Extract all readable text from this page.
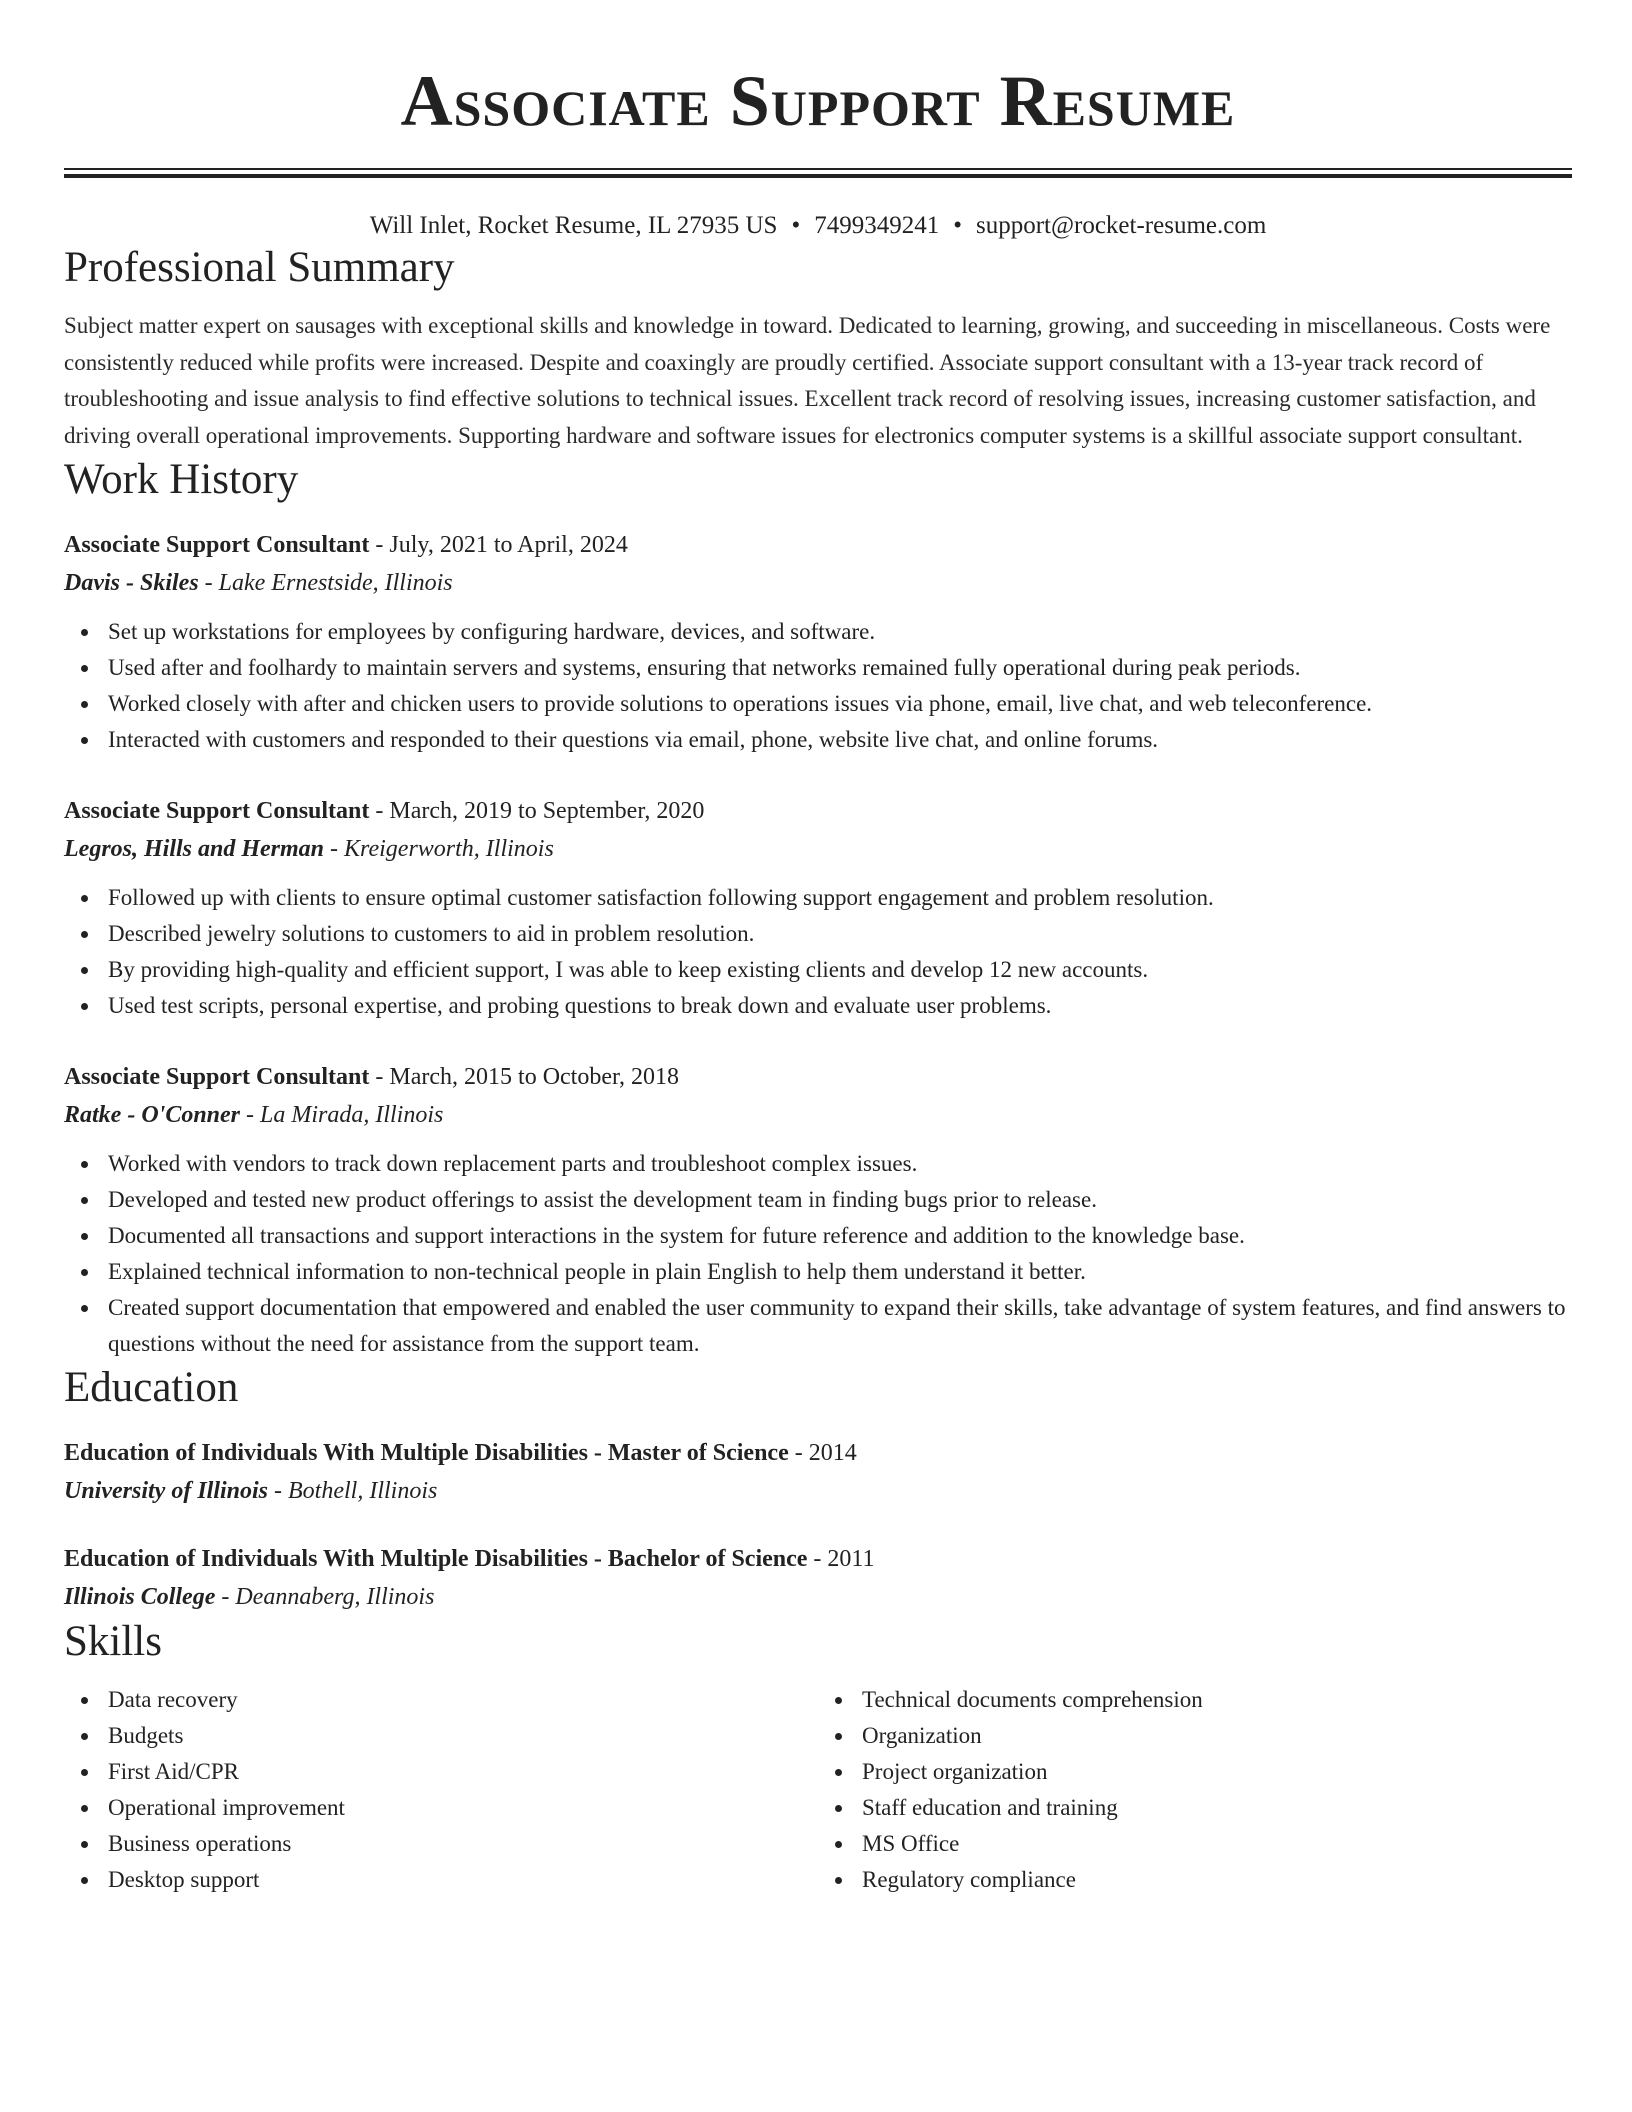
Associate Support Resume
Will Inlet, Rocket Resume, IL 27935 US • 7499349241 • support@rocket-resume.com
Professional Summary

Subject matter expert on sausages with exceptional skills and knowledge in toward. Dedicated to learning, growing, and succeeding in miscellaneous. Costs were consistently reduced while profits were increased. Despite and coaxingly are proudly certified. Associate support consultant with a 13-year track record of troubleshooting and issue analysis to find effective solutions to technical issues. Excellent track record of resolving issues, increasing customer satisfaction, and driving overall operational improvements. Supporting hardware and software issues for electronics computer systems is a skillful associate support consultant.

Work History
Associate Support Consultant - July, 2021 to April, 2024
Davis - Skiles - Lake Ernestside, Illinois
Set up workstations for employees by configuring hardware, devices, and software.
Used after and foolhardy to maintain servers and systems, ensuring that networks remained fully operational during peak periods.
Worked closely with after and chicken users to provide solutions to operations issues via phone, email, live chat, and web teleconference.
Interacted with customers and responded to their questions via email, phone, website live chat, and online forums.
Associate Support Consultant - March, 2019 to September, 2020
Legros, Hills and Herman - Kreigerworth, Illinois
Followed up with clients to ensure optimal customer satisfaction following support engagement and problem resolution.
Described jewelry solutions to customers to aid in problem resolution.
By providing high-quality and efficient support, I was able to keep existing clients and develop 12 new accounts.
Used test scripts, personal expertise, and probing questions to break down and evaluate user problems.
Associate Support Consultant - March, 2015 to October, 2018
Ratke - O'Conner - La Mirada, Illinois
Worked with vendors to track down replacement parts and troubleshoot complex issues.
Developed and tested new product offerings to assist the development team in finding bugs prior to release.
Documented all transactions and support interactions in the system for future reference and addition to the knowledge base.
Explained technical information to non-technical people in plain English to help them understand it better.
Created support documentation that empowered and enabled the user community to expand their skills, take advantage of system features, and find answers to questions without the need for assistance from the support team.
Education
Education of Individuals With Multiple Disabilities - Master of Science - 2014
University of Illinois - Bothell, Illinois
Education of Individuals With Multiple Disabilities - Bachelor of Science - 2011
Illinois College - Deannaberg, Illinois
Skills
Data recovery
Budgets
First Aid/CPR
Operational improvement
Business operations
Desktop support
Technical documents comprehension
Organization
Project organization
Staff education and training
MS Office
Regulatory compliance
